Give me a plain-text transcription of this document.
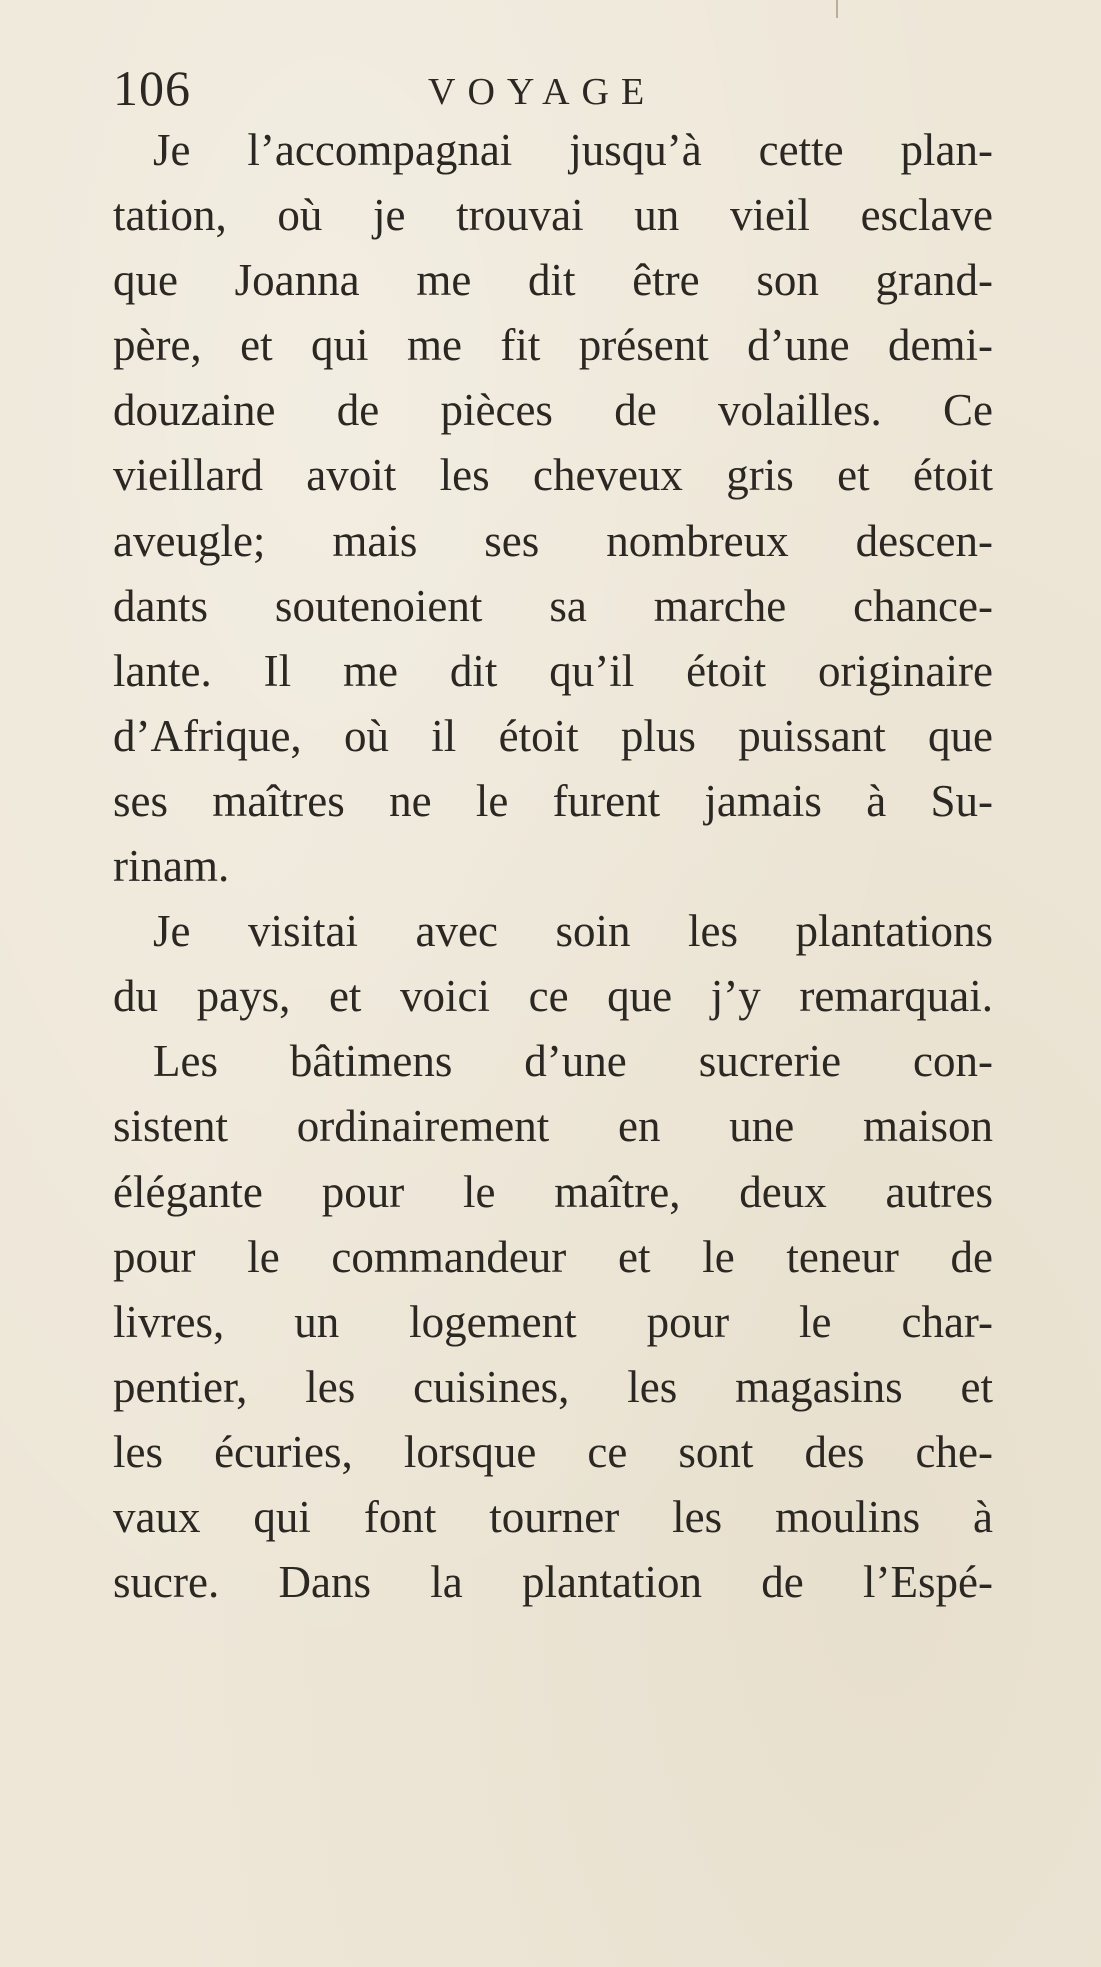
106	VOYAGE
Je l’accompagnai jusqu’à cette plan-
tation, où je trouvai un vieil esclave
que Joanna me dit être son grand-
père, et qui me fit présent d’une demi-
douzaine de pièces de volailles. Ce
vieillard avoit les cheveux gris et étoit
aveugle; mais ses nombreux descen-
dants soutenoient sa marche chance-
lante. Il me dit qu’il étoit originaire
d’Afrique, où il étoit plus puissant que
ses maîtres ne le furent jamais à Su-
rinam.
Je visitai avec soin les plantations
du pays, et voici ce que j’y remarquai.
Les bâtimens d’une sucrerie con-
sistent ordinairement en une maison
élégante pour le maître, deux autres
pour le commandeur et le teneur de
livres, un logement pour le char-
pentier, les cuisines, les magasins et
les écuries, lorsque ce sont des che-
vaux qui font tourner les moulins à
sucre. Dans la plantation de l’Espé-
